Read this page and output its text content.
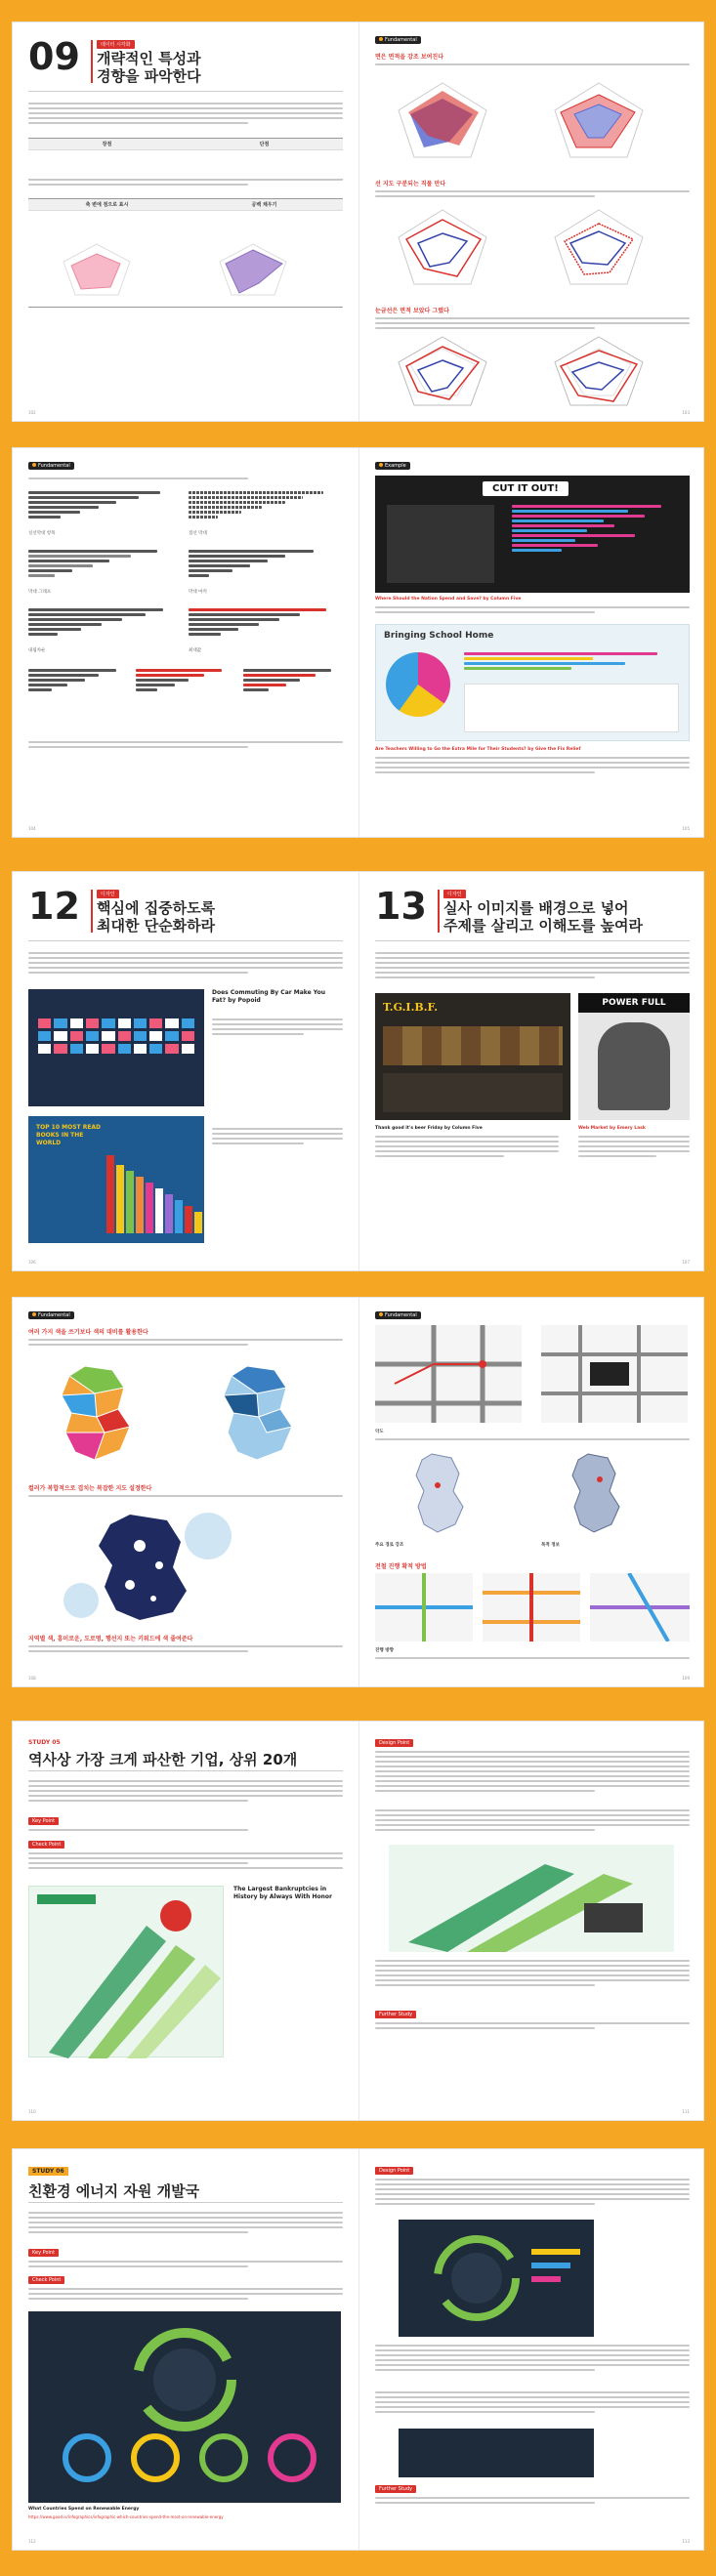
09	데이터 시각화
개략적인 특성과
경향을 파악한다
장점	단점
축 변에 점으로 표시	공백 채우기
102
Fundamental
면은 면적을 강조 보여진다
선 지도 구분되는 직물 만다
눈금선은 면적 보았다 그렸다
103
Fundamental
실선막대 항목	점선 막대
막대 그래프	막대 마커
내림차순	최대값
104
Example
CUT IT OUT!
Where Should the Nation Spend and Save? by Column Five
Bringing School Home
Are Teachers Willing to Go the Extra Mile for Their Students? by Give the Fix Relief
105
12	디자인
핵심에 집중하도록
최대한 단순화하라
Does Commuting By Car Make You Fat? by Popoid
TOP 10 MOST READ BOOKS IN THE WORLD
106
13	디자인
실사 이미지를 배경으로 넣어
주제를 살리고 이해도를 높여라
T.G.I.B.F.	POWER FULL
Thank good it's beer Friday by Column Five	Web Market by Emery Lask
107
Fundamental
여러 가지 색을 쓰기보다 색의 대비를 활용한다
컬러가 복합적으로 겹치는 복잡한 지도 설정한다
지역별 색, 흥미로운, 도로명, 행선지 또는 키워드에 색 줄여준다
108
Fundamental
약도
주요 경로 강조	목적 정보
전철 진행 확적 방법
진행 방향
109
STUDY 05
역사상 가장 크게 파산한 기업, 상위 20개
Key Point
Check Point
The Largest Bankruptcies in History by Always With Honor
110
Design Point
Further Study
111
STUDY 06
친환경 에너지 자원 개발국
Key Point
Check Point
What Countries Spend on Renewable Energy
https://www.good.is/infographics/infographic-which-countries-spend-the-most-on-renewable-energy
112
Design Point
Further Study
113
